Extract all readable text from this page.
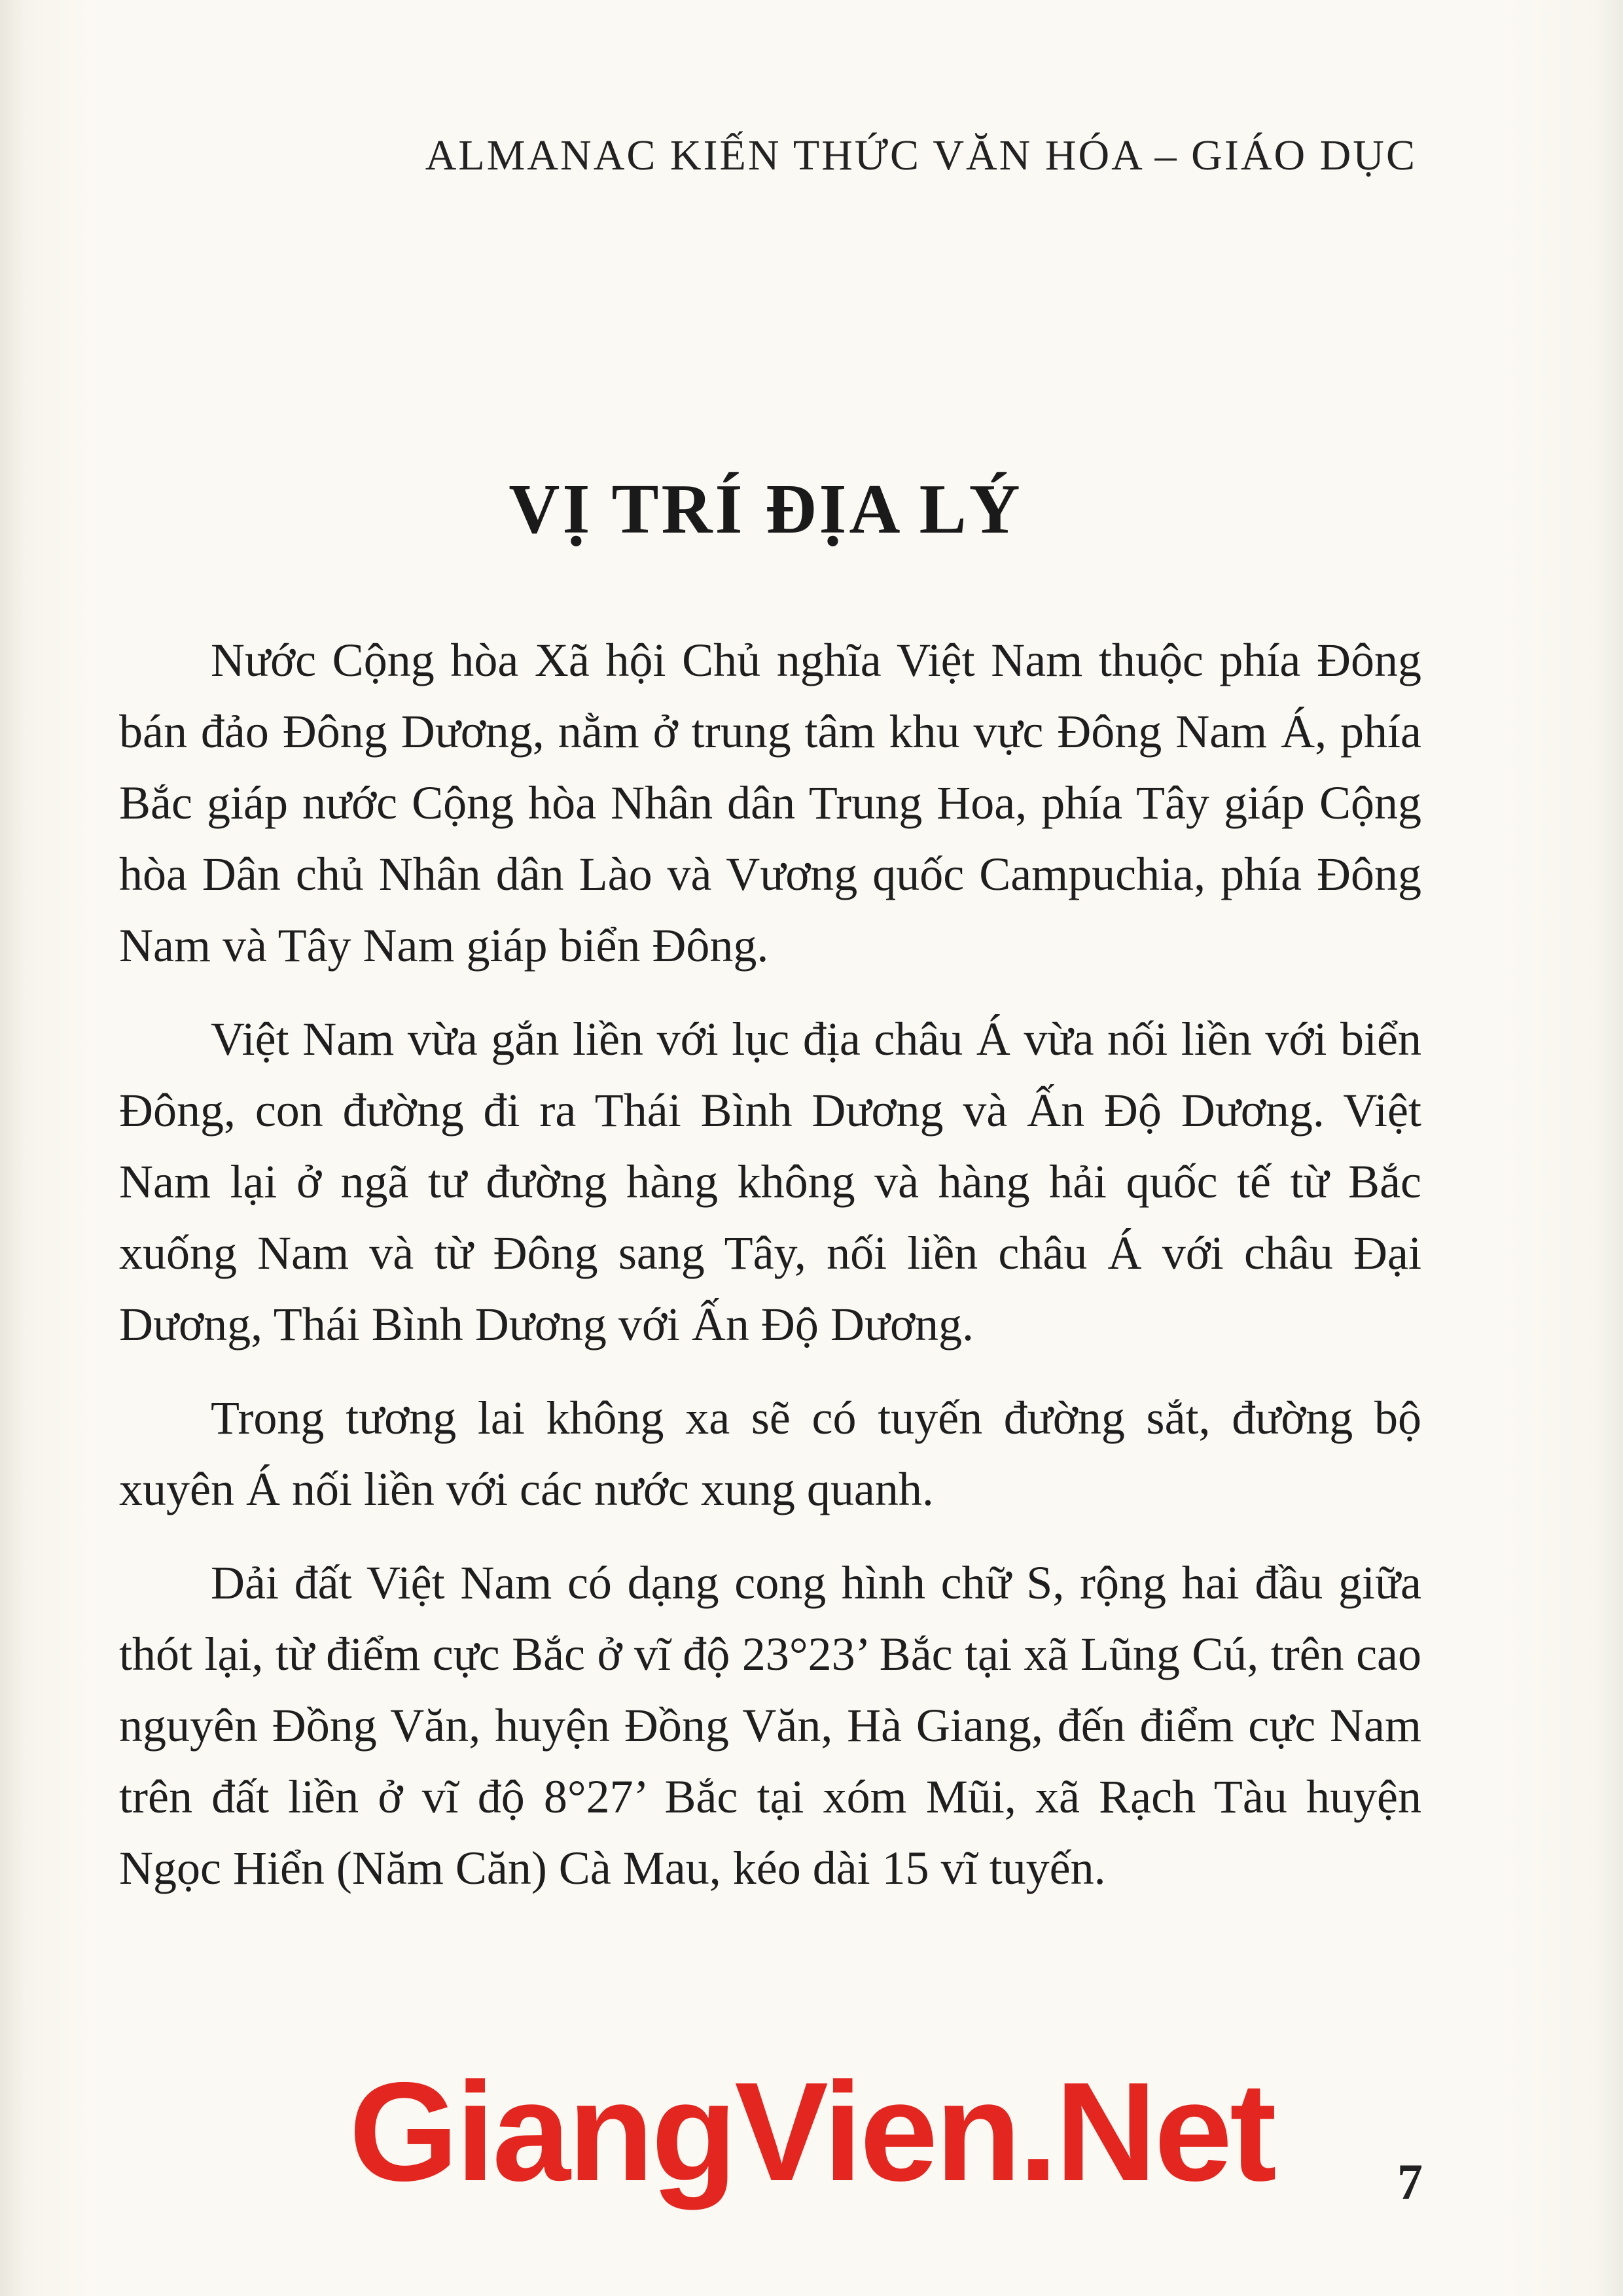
ALMANAC KIẾN THỨC VĂN HÓA – GIÁO DỤC
VỊ TRÍ ĐỊA LÝ

Nước Cộng hòa Xã hội Chủ nghĩa Việt Nam thuộc phía Đông bán đảo Đông Dương, nằm ở trung tâm khu vực Đông Nam Á, phía Bắc giáp nước Cộng hòa Nhân dân Trung Hoa, phía Tây giáp Cộng hòa Dân chủ Nhân dân Lào và Vương quốc Campuchia, phía Đông Nam và Tây Nam giáp biển Đông.

Việt Nam vừa gắn liền với lục địa châu Á vừa nối liền với biển Đông, con đường đi ra Thái Bình Dương và Ấn Độ Dương. Việt Nam lại ở ngã tư đường hàng không và hàng hải quốc tế từ Bắc xuống Nam và từ Đông sang Tây, nối liền châu Á với châu Đại Dương, Thái Bình Dương với Ấn Độ Dương.

Trong tương lai không xa sẽ có tuyến đường sắt, đường bộ xuyên Á nối liền với các nước xung quanh.

Dải đất Việt Nam có dạng cong hình chữ S, rộng hai đầu giữa thót lại, từ điểm cực Bắc ở vĩ độ 23°23’ Bắc tại xã Lũng Cú, trên cao nguyên Đồng Văn, huyện Đồng Văn, Hà Giang, đến điểm cực Nam trên đất liền ở vĩ độ 8°27’ Bắc tại xóm Mũi, xã Rạch Tàu huyện Ngọc Hiển (Năm Căn) Cà Mau, kéo dài 15 vĩ tuyến.

GiangVien.Net	7
